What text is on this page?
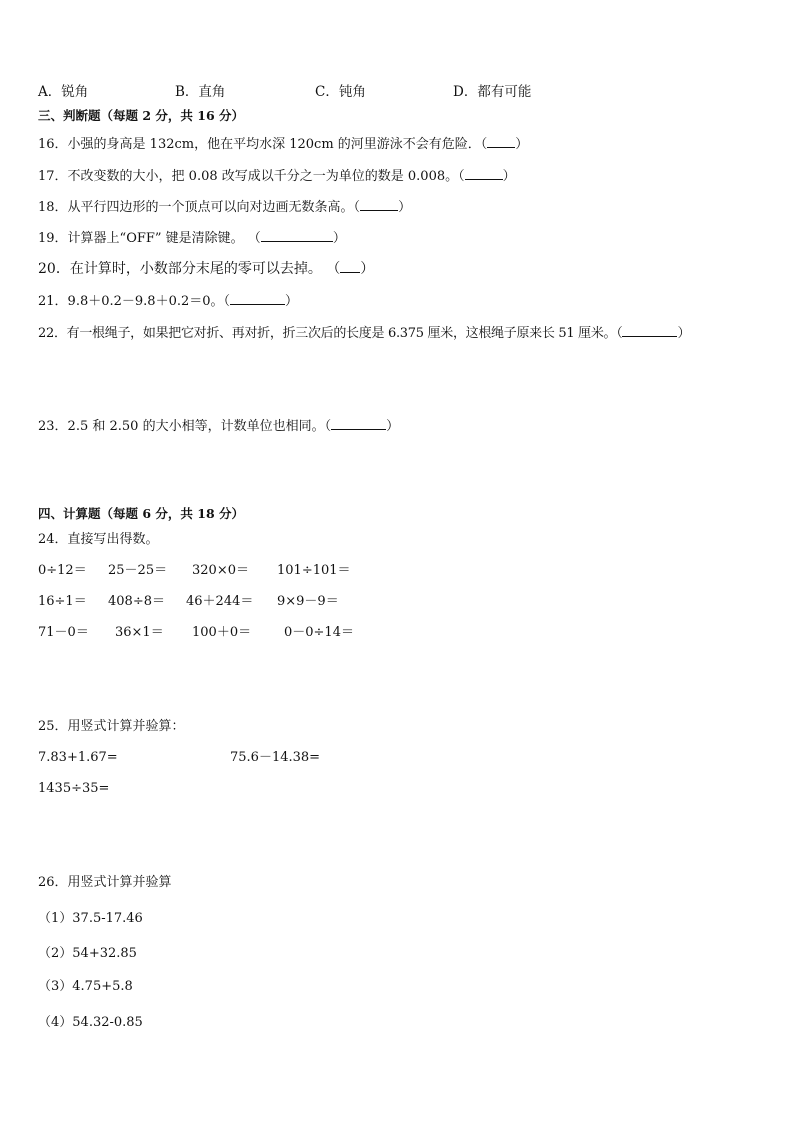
A．锐角	B．直角	C．钝角	D．都有可能
三、判断题（每题 2 分，共 16 分）
16．小强的身高是 132cm，他在平均水深 120cm 的河里游泳不会有危险．（ ）
17．不改变数的大小，把 0.08 改写成以千分之一为单位的数是 0.008。（	）
18．从平行四边形的一个顶点可以向对边画无数条高。（	）
19．计算器上“OFF” 键是清除键。 （	）
20．在计算时，小数部分末尾的零可以去掉。 （ ）
21．9.8＋0.2－9.8＋0.2＝0。（	）
22．有一根绳子，如果把它对折、再对折，折三次后的长度是 6.375 厘米，这根绳子原来长 51 厘米。（	）
23．2.5 和 2.50 的大小相等，计数单位也相同。（	）
四、计算题（每题 6 分，共 18 分）
24．直接写出得数。
0÷12＝ 25－25＝ 320×0＝ 101÷101＝
16÷1＝ 408÷8＝ 46＋244＝ 9×9－9＝
71－0＝ 36×1＝ 100＋0＝	0－0÷14＝
25．用竖式计算并验算：
7.83+1.67=	75.6－14.38=
1435÷35=
26．用竖式计算并验算
（1）37.5-17.46
（2）54+32.85
（3）4.75+5.8
（4）54.32-0.85
